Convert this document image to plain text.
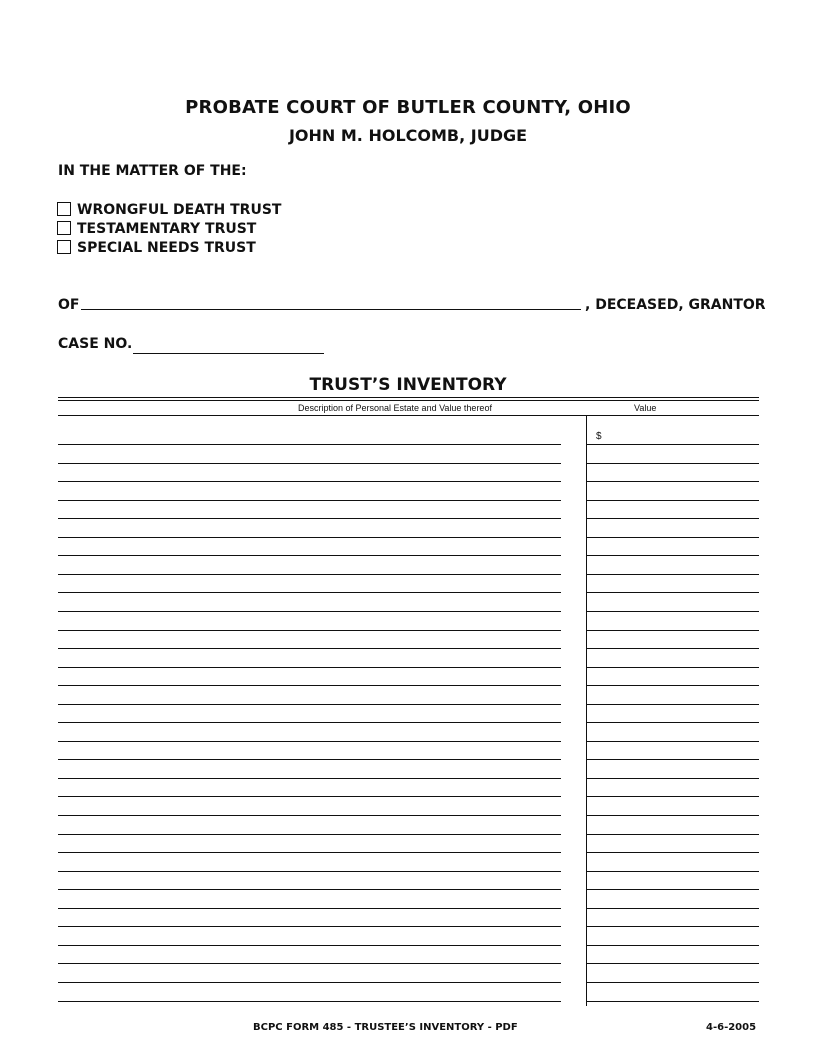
PROBATE COURT OF BUTLER COUNTY, OHIO
JOHN M. HOLCOMB, JUDGE
IN THE MATTER OF THE:
WRONGFUL DEATH TRUST
TESTAMENTARY TRUST
SPECIAL NEEDS TRUST
OF	, DECEASED, GRANTOR
CASE NO.
TRUST’S INVENTORY
Description of Personal Estate and Value thereof	Value
$
BCPC FORM 485 - TRUSTEE’S INVENTORY - PDF	4-6-2005
